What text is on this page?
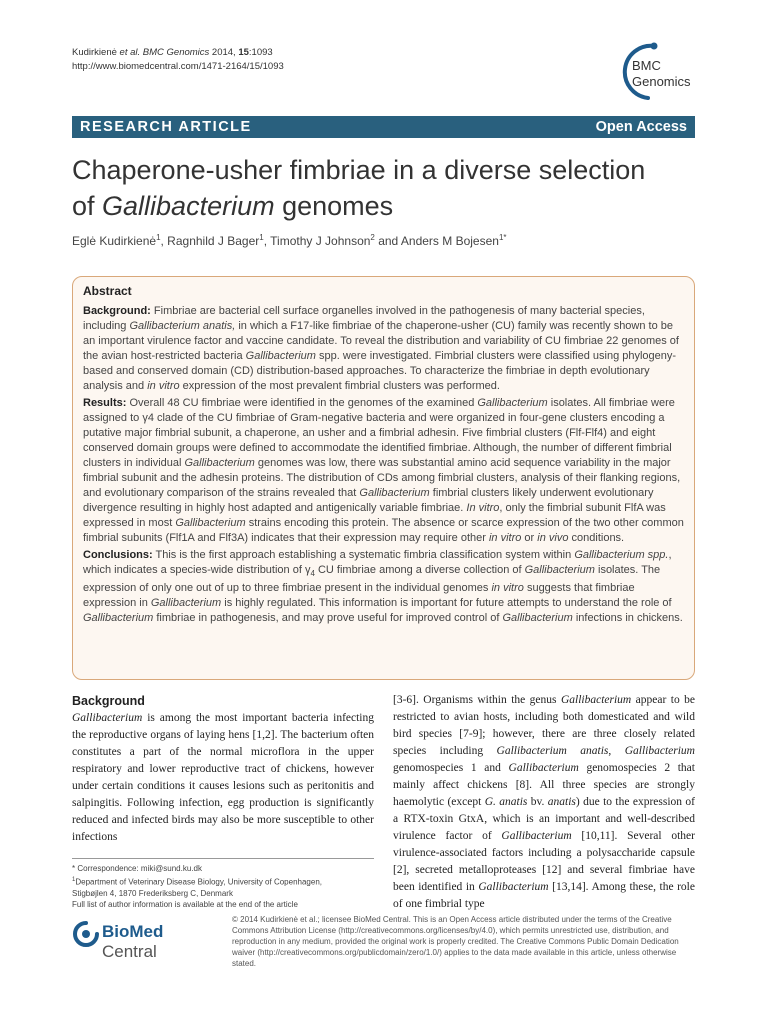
Kudirkienė et al. BMC Genomics 2014, 15:1093
http://www.biomedcentral.com/1471-2164/15/1093	BMC
Genomics
RESEARCH ARTICLE	Open Access
Chaperone-usher fimbriae in a diverse selection
of Gallibacterium genomes
Eglė Kudirkienė$^1$, Ragnhild J Bager$^1$, Timothy J Johnson$^2$ and Anders M Bojesen$^{1*}$
Abstract

Background: Fimbriae are bacterial cell surface organelles involved in the pathogenesis of many bacterial species, including Gallibacterium anatis, in which a F17-like fimbriae of the chaperone-usher (CU) family was recently shown to be an important virulence factor and vaccine candidate. To reveal the distribution and variability of CU fimbriae 22 genomes of the avian host-restricted bacteria Gallibacterium spp. were investigated. Fimbrial clusters were classified using phylogeny-based and conserved domain (CD) distribution-based approaches. To characterize the fimbriae in depth evolutionary analysis and in vitro expression of the most prevalent fimbrial clusters was performed.

Results: Overall 48 CU fimbriae were identified in the genomes of the examined Gallibacterium isolates. All fimbriae were assigned to γ4 clade of the CU fimbriae of Gram-negative bacteria and were organized in four-gene clusters encoding a putative major fimbrial subunit, a chaperone, an usher and a fimbrial adhesin. Five fimbrial clusters (Flf-Flf4) and eight conserved domain groups were defined to accommodate the identified fimbriae. Although, the number of different fimbrial clusters in individual Gallibacterium genomes was low, there was substantial amino acid sequence variability in the major fimbrial subunit and the adhesin proteins. The distribution of CDs among fimbrial clusters, analysis of their flanking regions, and evolutionary comparison of the strains revealed that Gallibacterium fimbrial clusters likely underwent evolutionary divergence resulting in highly host adapted and antigenically variable fimbriae. In vitro, only the fimbrial subunit FlfA was expressed in most Gallibacterium strains encoding this protein. The absence or scarce expression of the two other common fimbrial subunits (Flf1A and Flf3A) indicates that their expression may require other in vitro or in vivo conditions.

Conclusions: This is the first approach establishing a systematic fimbria classification system within Gallibacterium spp., which indicates a species-wide distribution of $\gamma_4$ CU fimbriae among a diverse collection of Gallibacterium isolates. The expression of only one out of up to three fimbriae present in the individual genomes in vitro suggests that fimbriae expression in Gallibacterium is highly regulated. This information is important for future attempts to understand the role of Gallibacterium fimbriae in pathogenesis, and may prove useful for improved control of Gallibacterium infections in chickens.

Background

Gallibacterium is among the most important bacteria infecting the reproductive organs of laying hens [1,2]. The bacterium often constitutes a part of the normal microflora in the upper respiratory and lower reproductive tract of chickens, however under certain conditions it causes lesions such as peritonitis and salpingitis. Following infection, egg production is significantly reduced and infected birds may also be more susceptible to other infections

[3-6]. Organisms within the genus Gallibacterium appear to be restricted to avian hosts, including both domesticated and wild bird species [7-9]; however, there are three closely related species including Gallibacterium anatis, Gallibacterium genomospecies 1 and Gallibacterium genomospecies 2 that mainly affect chickens [8]. All three species are strongly haemolytic (except G. anatis bv. anatis) due to the expression of a RTX-toxin GtxA, which is an important and well-described virulence factor of Gallibacterium [10,11]. Several other virulence-associated factors including a polysaccharide capsule [2], secreted metalloproteases [12] and several fimbriae have been identified in Gallibacterium [13,14]. Among these, the role of one fimbrial type

* Correspondence: miki@sund.ku.dk
$^1$Department of Veterinary Disease Biology, University of Copenhagen,
Stigbøjlen 4, 1870 Frederiksberg C, Denmark
Full list of author information is available at the end of the article
BioMed Central
© 2014 Kudirkienė et al.; licensee BioMed Central. This is an Open Access article distributed under the terms of the Creative Commons Attribution License (http://creativecommons.org/licenses/by/4.0), which permits unrestricted use, distribution, and reproduction in any medium, provided the original work is properly credited. The Creative Commons Public Domain Dedication waiver (http://creativecommons.org/publicdomain/zero/1.0/) applies to the data made available in this article, unless otherwise stated.
